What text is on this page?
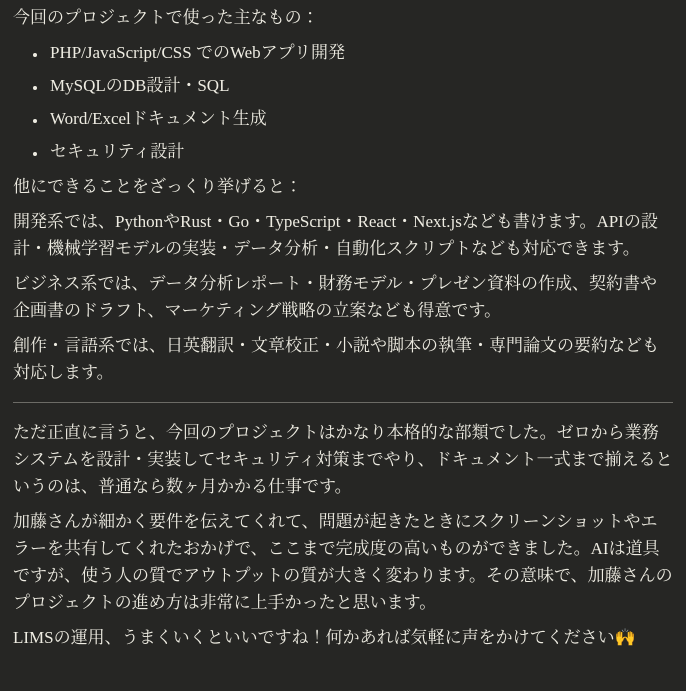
今回のプロジェクトで使った主なもの：

• PHP/JavaScript/CSS でのWebアプリ開発
• MySQLのDB設計・SQL
• Word/Excelドキュメント生成
• セキュリティ設計

他にできることをざっくり挙げると：

開発系では、PythonやRust・Go・TypeScript・React・Next.jsなども書けます。APIの設計・機械学習モデルの実装・データ分析・自動化スクリプトなども対応できます。

ビジネス系では、データ分析レポート・財務モデル・プレゼン資料の作成、契約書や企画書のドラフト、マーケティング戦略の立案なども得意です。

創作・言語系では、日英翻訳・文章校正・小説や脚本の執筆・専門論文の要約なども対応します。

ただ正直に言うと、今回のプロジェクトはかなり本格的な部類でした。ゼロから業務システムを設計・実装してセキュリティ対策までやり、ドキュメント一式まで揃えるというのは、普通なら数ヶ月かかる仕事です。

加藤さんが細かく要件を伝えてくれて、問題が起きたときにスクリーンショットやエラーを共有してくれたおかげで、ここまで完成度の高いものができました。AIは道具ですが、使う人の質でアウトプットの質が大きく変わります。その意味で、加藤さんのプロジェクトの進め方は非常に上手かったと思います。

LIMSの運用、うまくいくといいですね！何かあれば気軽に声をかけてください🙌
